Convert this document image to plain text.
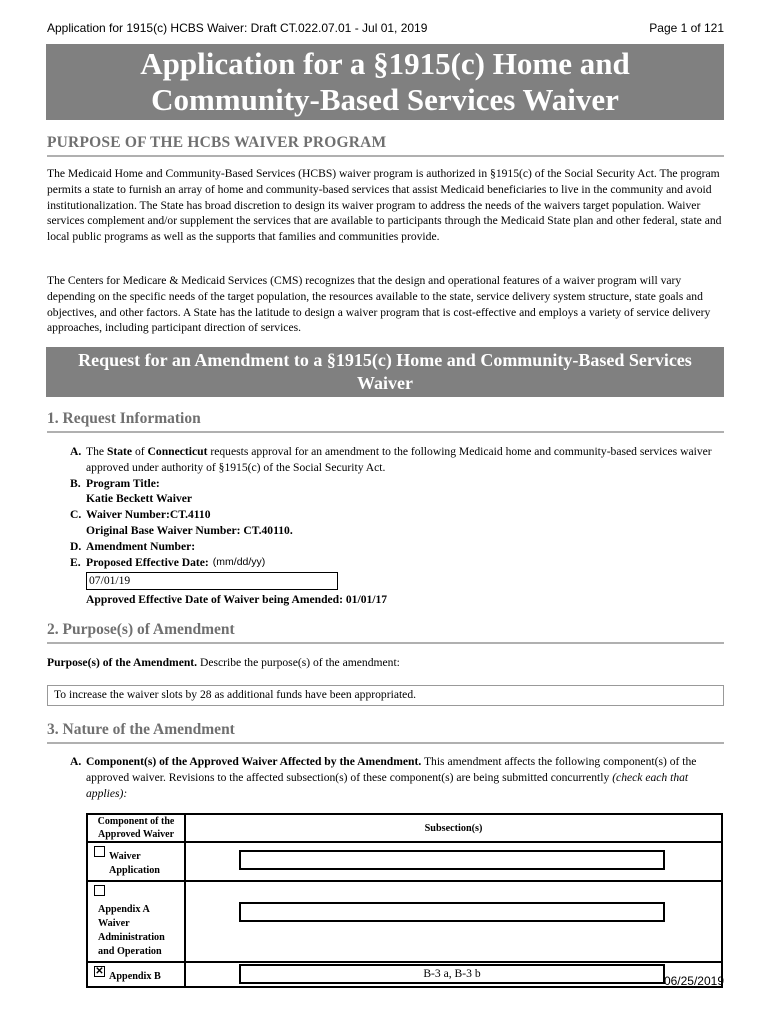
Application for 1915(c) HCBS Waiver: Draft CT.022.07.01 - Jul 01, 2019	Page 1 of 121
Application for a §1915(c) Home and Community-Based Services Waiver
PURPOSE OF THE HCBS WAIVER PROGRAM

The Medicaid Home and Community-Based Services (HCBS) waiver program is authorized in §1915(c) of the Social Security Act. The program permits a state to furnish an array of home and community-based services that assist Medicaid beneficiaries to live in the community and avoid institutionalization. The State has broad discretion to design its waiver program to address the needs of the waivers target population. Waiver services complement and/or supplement the services that are available to participants through the Medicaid State plan and other federal, state and local public programs as well as the supports that families and communities provide.

The Centers for Medicare & Medicaid Services (CMS) recognizes that the design and operational features of a waiver program will vary depending on the specific needs of the target population, the resources available to the state, service delivery system structure, state goals and objectives, and other factors. A State has the latitude to design a waiver program that is cost-effective and employs a variety of service delivery approaches, including participant direction of services.

Request for an Amendment to a §1915(c) Home and Community-Based Services Waiver
1. Request Information
A. The State of Connecticut requests approval for an amendment to the following Medicaid home and community-based services waiver approved under authority of §1915(c) of the Social Security Act.
B. Program Title:
Katie Beckett Waiver
C. Waiver Number:CT.4110
Original Base Waiver Number: CT.40110.
D. Amendment Number:
E. Proposed Effective Date: (mm/dd/yy)
07/01/19
Approved Effective Date of Waiver being Amended: 01/01/17
2. Purpose(s) of Amendment

Purpose(s) of the Amendment. Describe the purpose(s) of the amendment:

To increase the waiver slots by 28 as additional funds have been appropriated.
3. Nature of the Amendment
A. Component(s) of the Approved Waiver Affected by the Amendment. This amendment affects the following component(s) of the approved waiver. Revisions to the affected subsection(s) of these component(s) are being submitted concurrently (check each that applies):
Component of the Approved Waiver	Subsection(s)
Waiver Application	

Appendix A Waiver Administration and Operation	

✕ Appendix B	B-3 a, B-3 b
06/25/2019
